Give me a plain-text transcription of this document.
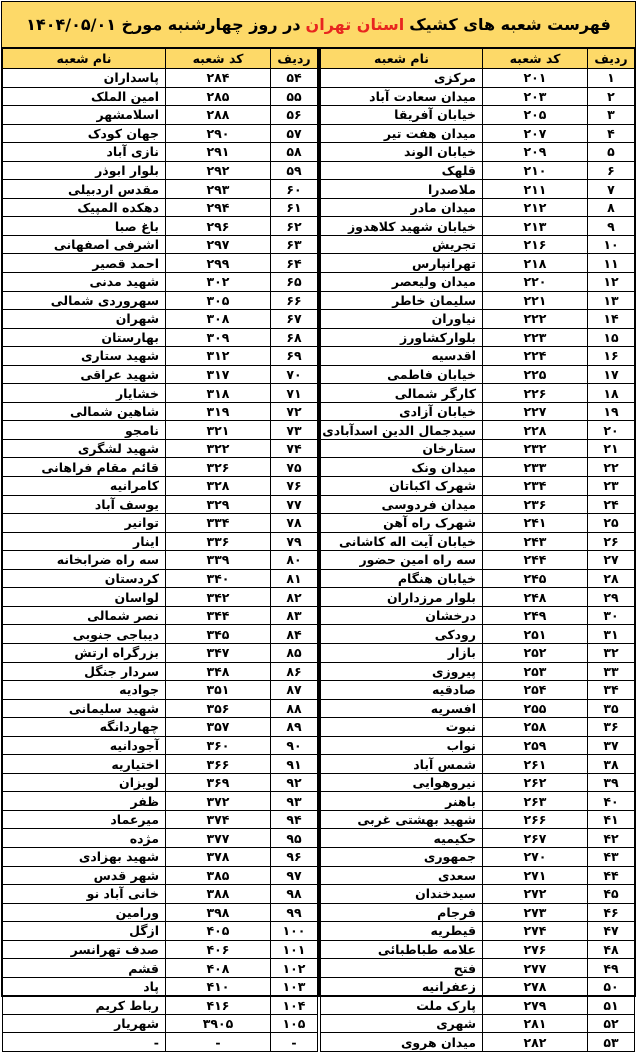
فهرست شعبه های کشیک
استان تهران
در روز چهارشنبه مورخ ۱۴۰۴/۰۵/۰۱
ردیف	کد شعبه	نام شعبه
۱	۲۰۱	مرکزی
۲	۲۰۳	میدان سعادت آباد
۳	۲۰۵	خیابان آفریقا
۴	۲۰۷	میدان هفت تیر
۵	۲۰۹	خیابان الوند
۶	۲۱۰	قلهک
۷	۲۱۱	ملاصدرا
۸	۲۱۲	میدان مادر
۹	۲۱۳	خیابان شهید کلاهدوز
۱۰	۲۱۶	تجریش
۱۱	۲۱۸	تهرانپارس
۱۲	۲۲۰	میدان ولیعصر
۱۳	۲۲۱	سلیمان خاطر
۱۴	۲۲۲	نیاوران
۱۵	۲۲۳	بلوارکشاورز
۱۶	۲۲۴	اقدسیه
۱۷	۲۲۵	خیابان فاطمی
۱۸	۲۲۶	کارگر شمالی
۱۹	۲۲۷	خیابان آزادی
۲۰	۲۲۸	سیدجمال الدین اسدآبادی
۲۱	۲۳۲	ستارخان
۲۲	۲۳۳	میدان ونک
۲۳	۲۳۴	شهرک اکباتان
۲۴	۲۳۶	میدان فردوسی
۲۵	۲۴۱	شهرک راه آهن
۲۶	۲۴۳	خیابان آیت اله کاشانی
۲۷	۲۴۴	سه راه امین حضور
۲۸	۲۴۵	خیابان هنگام
۲۹	۲۴۸	بلوار مرزداران
۳۰	۲۴۹	درخشان
۳۱	۲۵۱	رودکی
۳۲	۲۵۲	بازار
۳۳	۲۵۳	پیروزی
۳۴	۲۵۴	صادقیه
۳۵	۲۵۵	افسریه
۳۶	۲۵۸	نبوت
۳۷	۲۵۹	نواب
۳۸	۲۶۱	شمس آباد
۳۹	۲۶۲	نیروهوایی
۴۰	۲۶۳	باهنر
۴۱	۲۶۶	شهید بهشتی غربی
۴۲	۲۶۷	حکیمیه
۴۳	۲۷۰	جمهوری
۴۴	۲۷۱	سعدی
۴۵	۲۷۲	سیدخندان
۴۶	۲۷۳	فرجام
۴۷	۲۷۴	قیطریه
۴۸	۲۷۶	علامه طباطبائی
۴۹	۲۷۷	فتح
۵۰	۲۷۸	زعفرانیه
۵۱	۲۷۹	پارک ملت
۵۲	۲۸۱	شهری
۵۳	۲۸۲	میدان هروی
ردیف	کد شعبه	نام شعبه
۵۴	۲۸۴	پاسداران
۵۵	۲۸۵	امین الملک
۵۶	۲۸۸	اسلامشهر
۵۷	۲۹۰	جهان کودک
۵۸	۲۹۱	نازی آباد
۵۹	۲۹۲	بلوار ابوذر
۶۰	۲۹۳	مقدس اردبیلی
۶۱	۲۹۴	دهکده المپیک
۶۲	۲۹۶	باغ صبا
۶۳	۲۹۷	اشرفی اصفهانی
۶۴	۲۹۹	احمد قصیر
۶۵	۳۰۲	شهید مدنی
۶۶	۳۰۵	سهروردی شمالی
۶۷	۳۰۸	شهران
۶۸	۳۰۹	بهارستان
۶۹	۳۱۲	شهید ستاری
۷۰	۳۱۷	شهید عراقی
۷۱	۳۱۸	خشایار
۷۲	۳۱۹	شاهین شمالی
۷۳	۳۲۱	نامجو
۷۴	۳۲۲	شهید لشگری
۷۵	۳۲۶	قائم مقام فراهانی
۷۶	۳۲۸	کامرانیه
۷۷	۳۲۹	یوسف آباد
۷۸	۳۳۴	توانیر
۷۹	۳۳۶	اینار
۸۰	۳۳۹	سه راه ضرابخانه
۸۱	۳۴۰	کردستان
۸۲	۳۴۲	لواسان
۸۳	۳۴۴	نصر شمالی
۸۴	۳۴۵	دیباجی جنوبی
۸۵	۳۴۷	بزرگراه ارتش
۸۶	۳۴۸	سردار جنگل
۸۷	۳۵۱	جوادیه
۸۸	۳۵۶	شهید سلیمانی
۸۹	۳۵۷	چهاردانگه
۹۰	۳۶۰	آجودانیه
۹۱	۳۶۶	اختیاریه
۹۲	۳۶۹	لویزان
۹۳	۳۷۲	ظفر
۹۴	۳۷۴	میرعماد
۹۵	۳۷۷	مژده
۹۶	۳۷۸	شهید بهزادی
۹۷	۳۸۵	شهر قدس
۹۸	۳۸۸	خانی آباد نو
۹۹	۳۹۸	ورامین
۱۰۰	۴۰۵	ازگل
۱۰۱	۴۰۶	صدف تهرانسر
۱۰۲	۴۰۸	قشم
۱۰۳	۴۱۰	پاد
۱۰۴	۴۱۶	رباط کریم
۱۰۵	۳۹۰۵	شهریار
-	-	-
